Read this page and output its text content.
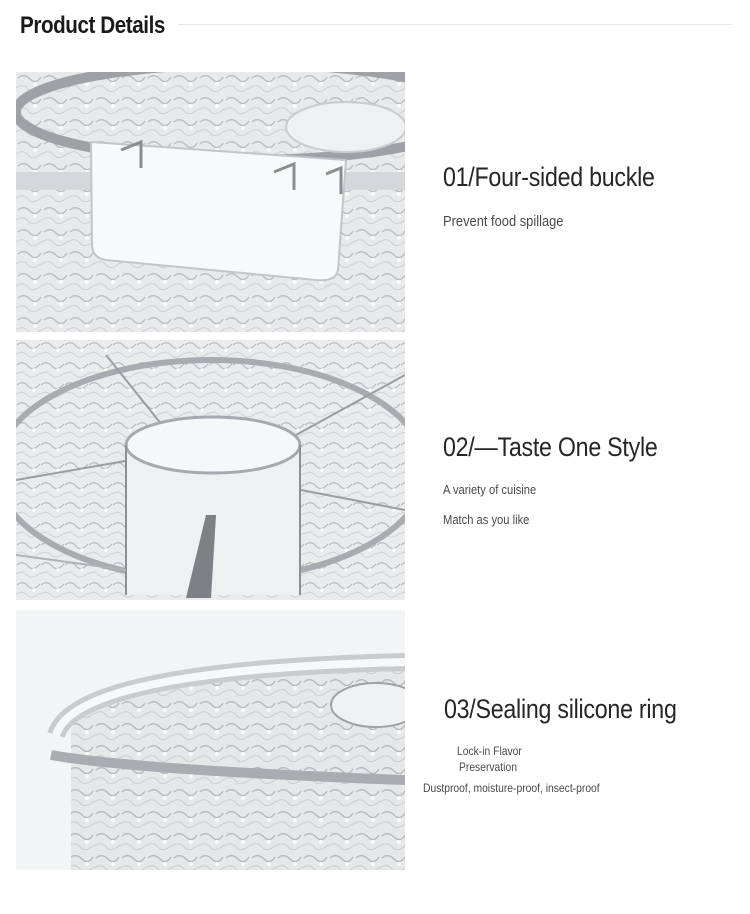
Product Details
01/Four-sided buckle
Prevent food spillage
02/—Taste One Style
A variety of cuisine
Match as you like
03/Sealing silicone ring
Lock-in Flavor
Preservation
Dustproof, moisture-proof, insect-proof
